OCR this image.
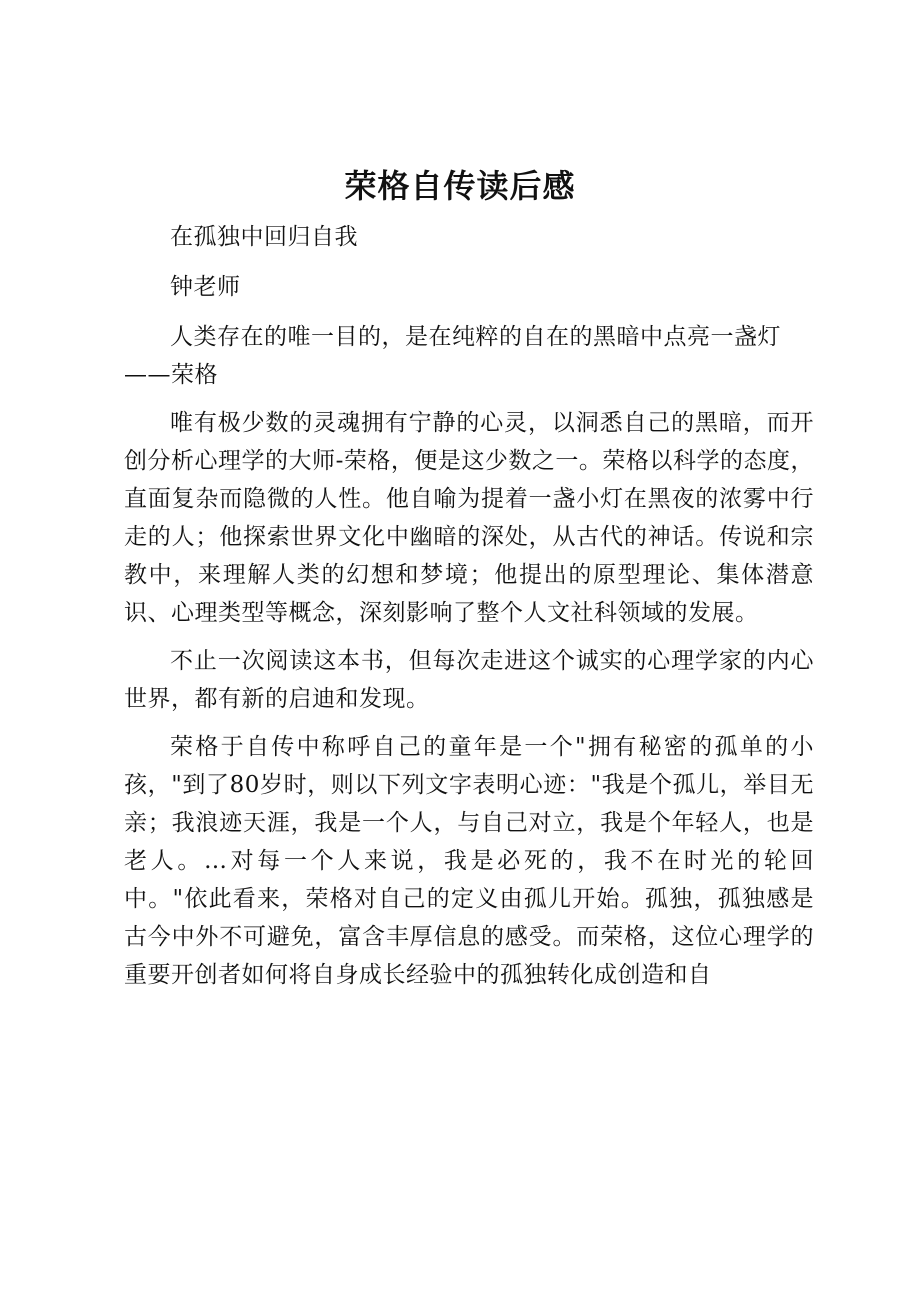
荣格自传读后感

在孤独中回归自我

钟老师

人类存在的唯一目的，是在纯粹的自在的黑暗中点亮一盏灯
——荣格

唯有极少数的灵魂拥有宁静的心灵，以洞悉自己的黑暗，而开创分析心理学的大师-荣格，便是这少数之一。荣格以科学的态度，直面复杂而隐微的人性。他自喻为提着一盏小灯在黑夜的浓雾中行走的人；他探索世界文化中幽暗的深处，从古代的神话。传说和宗教中，来理解人类的幻想和梦境；他提出的原型理论、集体潜意识、心理类型等概念，深刻影响了整个人文社科领域的发展。

不止一次阅读这本书，但每次走进这个诚实的心理学家的内心世界，都有新的启迪和发现。

荣格于自传中称呼自己的童年是一个"拥有秘密的孤单的小孩，"到了80岁时，则以下列文字表明心迹："我是个孤儿，举目无亲；我浪迹天涯，我是一个人，与自己对立，我是个年轻人，也是老人。…对每一个人来说，我是必死的，我不在时光的轮回中。"依此看来，荣格对自己的定义由孤儿开始。孤独，孤独感是古今中外不可避免，富含丰厚信息的感受。而荣格，这位心理学的重要开创者如何将自身成长经验中的孤独转化成创造和自
